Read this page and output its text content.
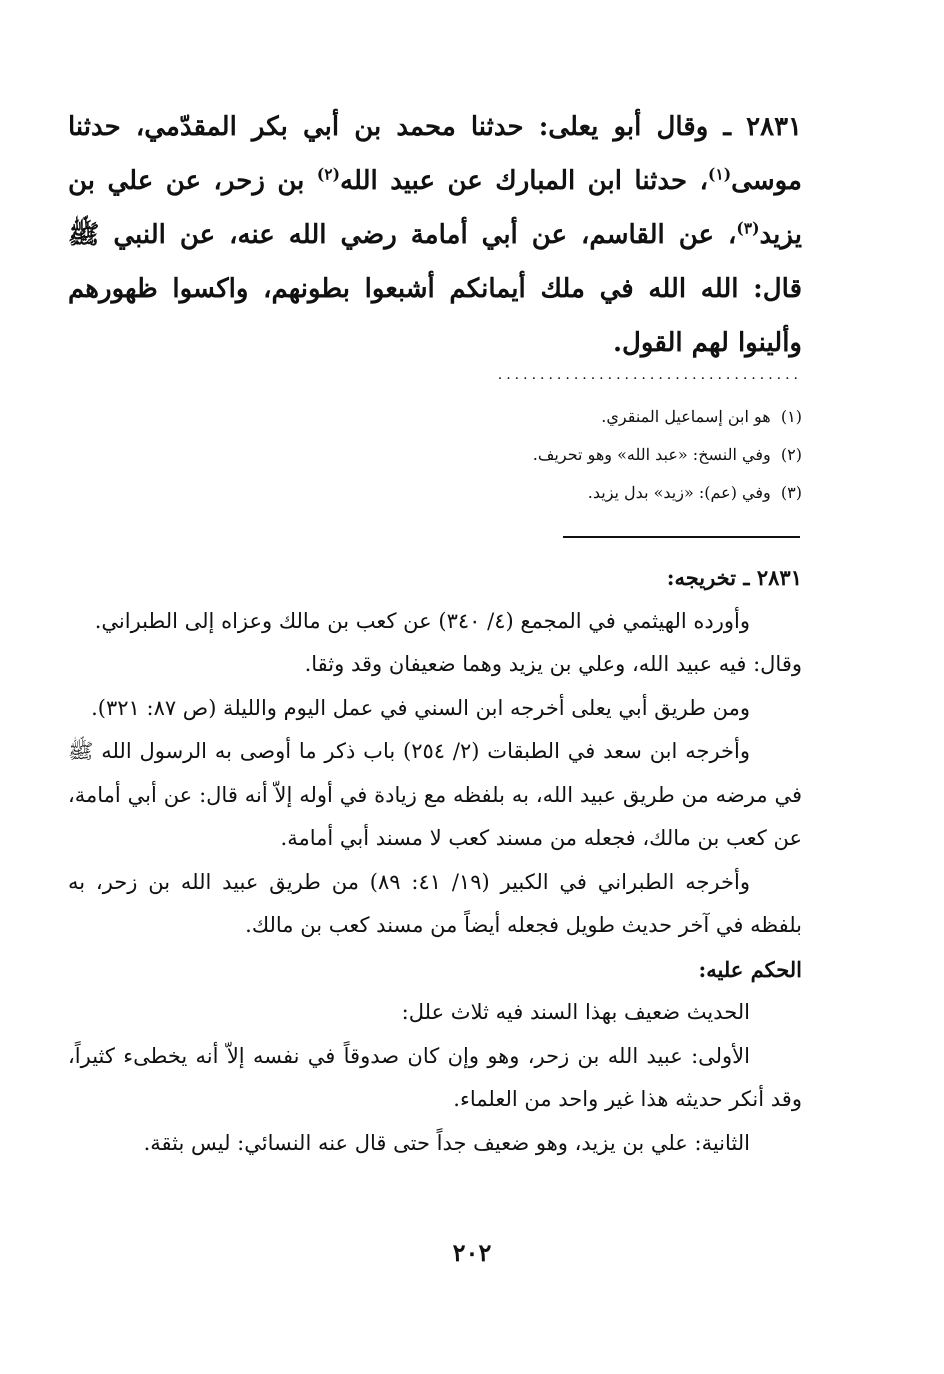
٢٨٣١ ـ وقال أبو يعلى: حدثنا محمد بن أبي بكر المقدّمي، حدثنا موسى$^{(١)}$، حدثنا ابن المبارك عن عبيد الله$^{(٢)}$ بن زحر، عن علي بن يزيد$^{(٣)}$، عن القاسم، عن أبي أمامة رضي الله عنه، عن النبي ﷺ قال: الله الله في ملك أيمانكم أشبعوا بطونهم، واكسوا ظهورهم وألينوا لهم القول.

....................................
(١)  هو ابن إسماعيل المنقري.
(٢)  وفي النسخ: «عبد الله» وهو تحريف.
(٣)  وفي (عم): «زيد» بدل يزيد.

٢٨٣١ ـ تخريجه:

وأورده الهيثمي في المجمع (٤/ ٣٤٠) عن كعب بن مالك وعزاه إلى الطبراني.

وقال: فيه عبيد الله، وعلي بن يزيد وهما ضعيفان وقد وثقا.

ومن طريق أبي يعلى أخرجه ابن السني في عمل اليوم والليلة (ص ٨٧: ٣٢١).

وأخرجه ابن سعد في الطبقات (٢/ ٢٥٤) باب ذكر ما أوصى به الرسول الله ﷺ في مرضه من طريق عبيد الله، به بلفظه مع زيادة في أوله إلاّ أنه قال: عن أبي أمامة، عن كعب بن مالك، فجعله من مسند كعب لا مسند أبي أمامة.

وأخرجه الطبراني في الكبير (١٩/ ٤١: ٨٩) من طريق عبيد الله بن زحر، به بلفظه في آخر حديث طويل فجعله أيضاً من مسند كعب بن مالك.

الحكم عليه:

الحديث ضعيف بهذا السند فيه ثلاث علل:

الأولى: عبيد الله بن زحر، وهو وإن كان صدوقاً في نفسه إلاّ أنه يخطىء كثيراً، وقد أنكر حديثه هذا غير واحد من العلماء.

الثانية: علي بن يزيد، وهو ضعيف جداً حتى قال عنه النسائي: ليس بثقة.

٢٠٢
